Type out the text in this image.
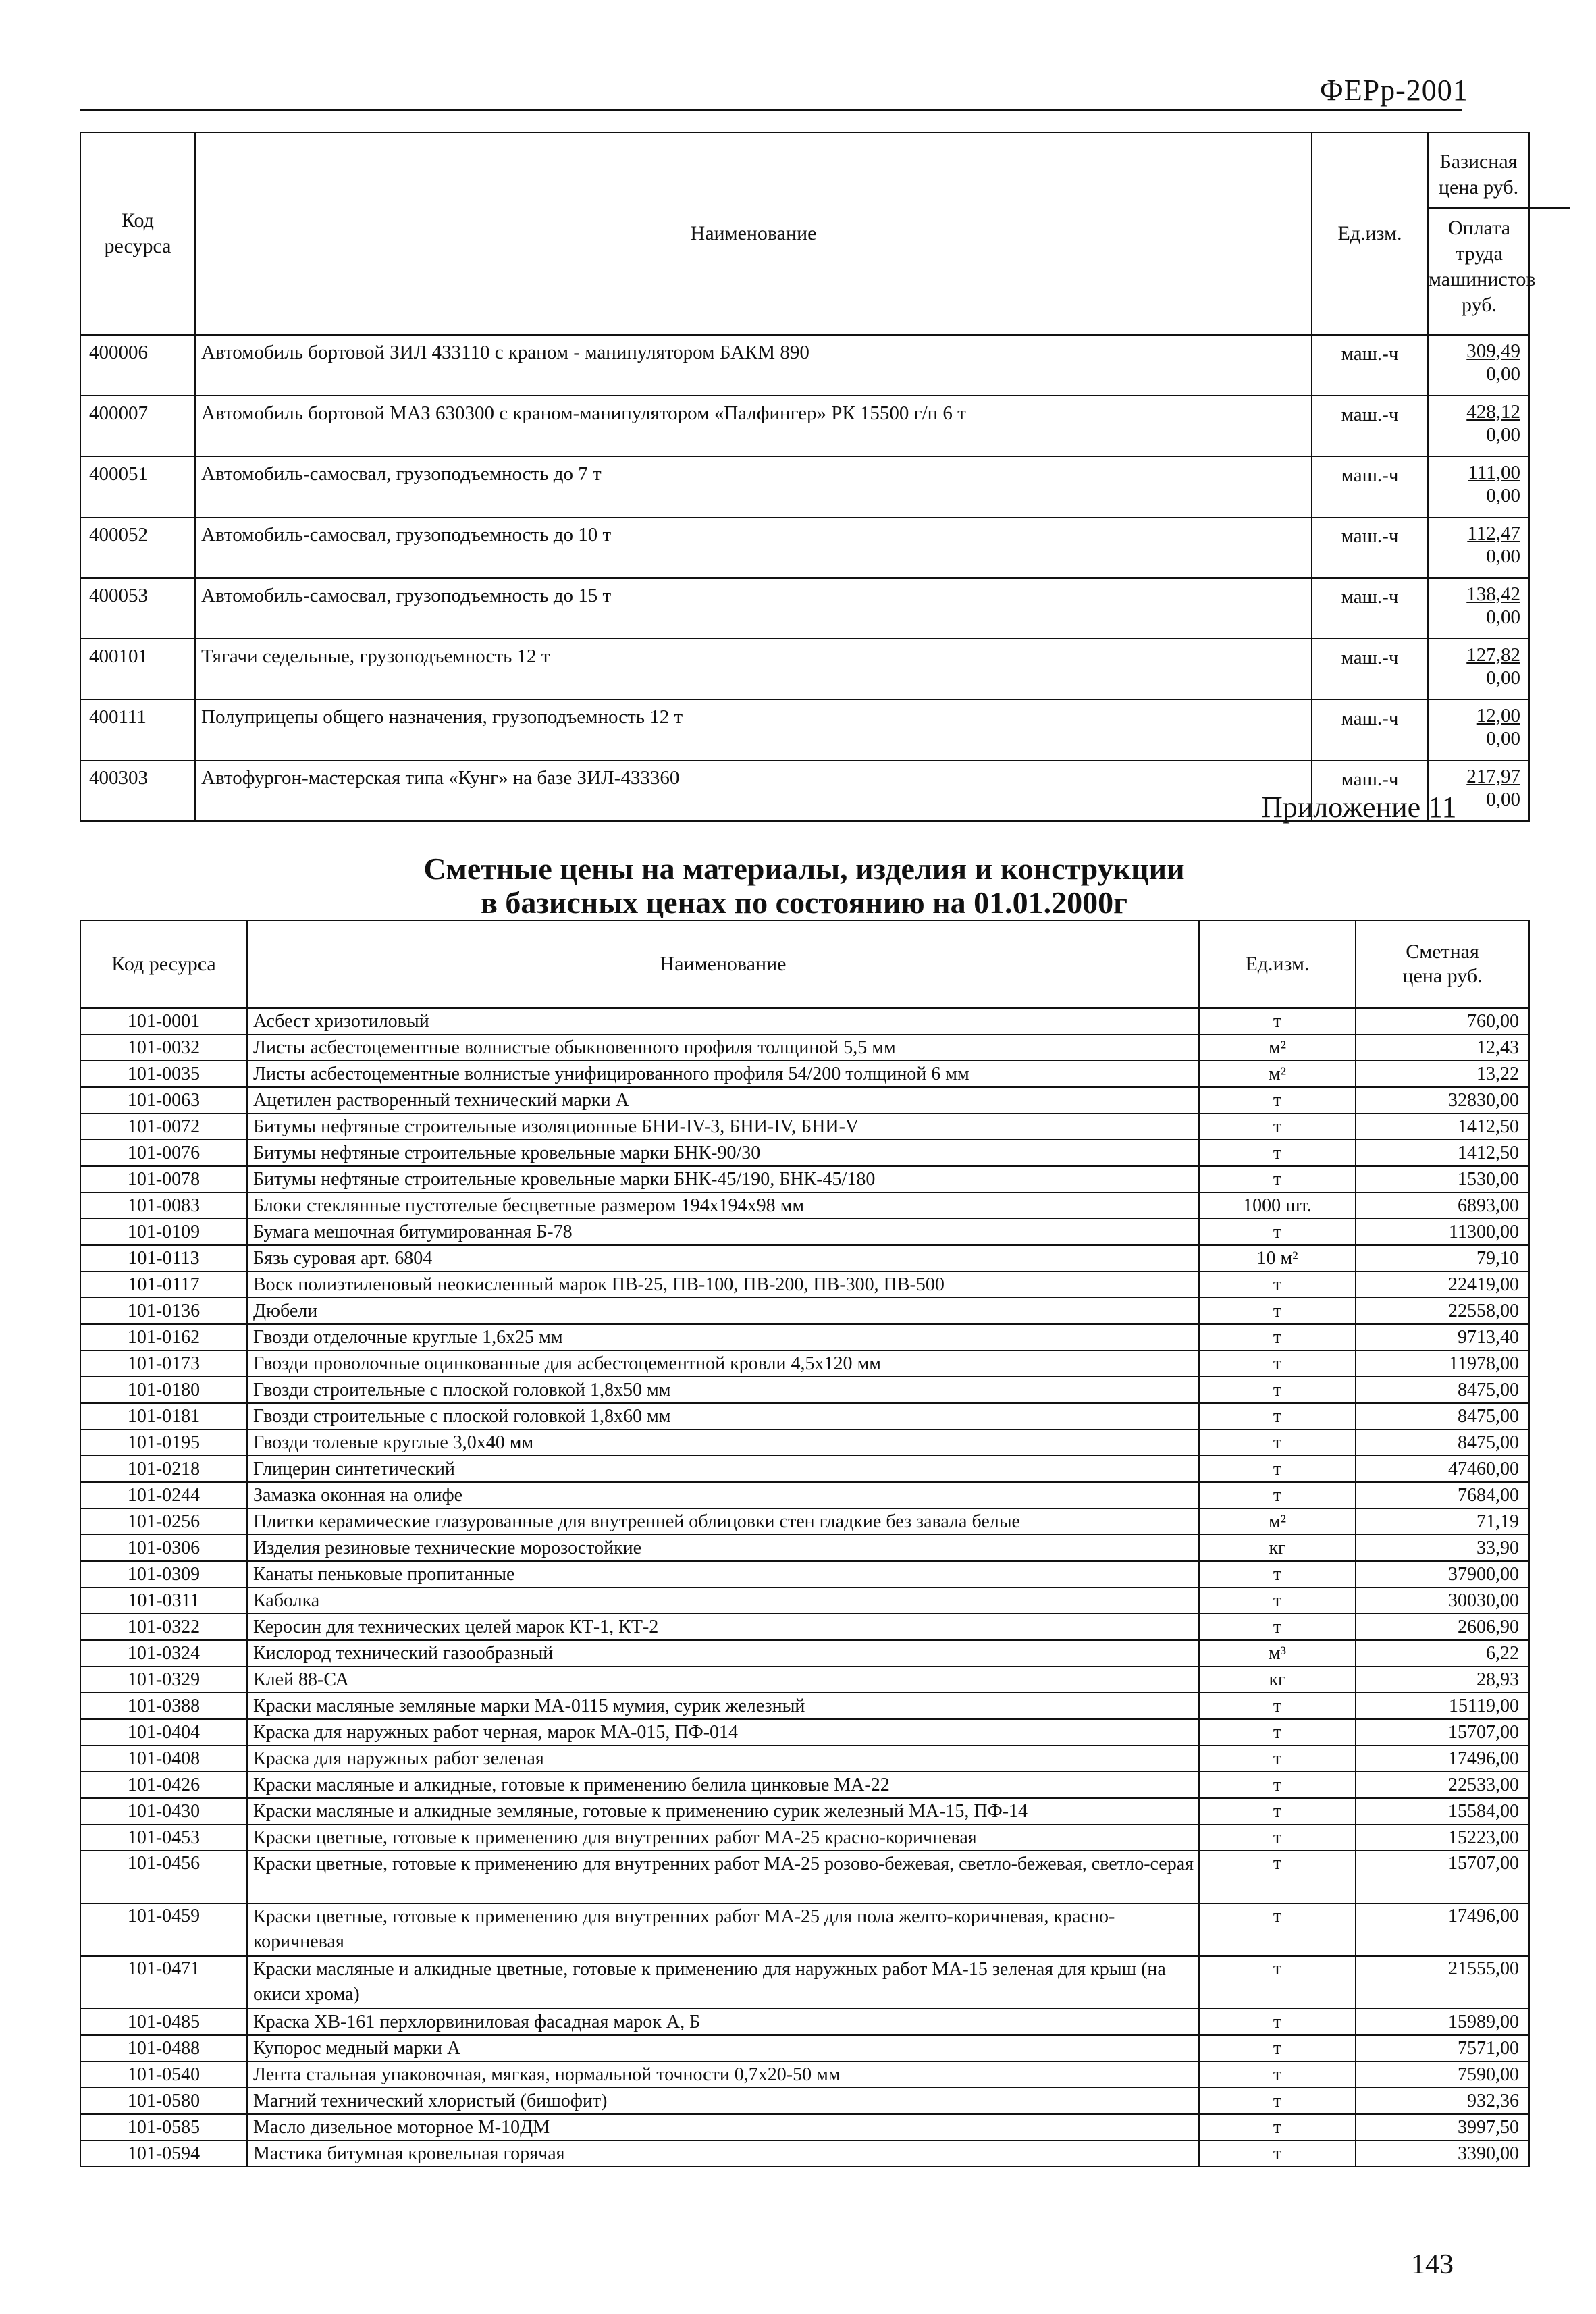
ФЕРр-2001
Код ресурса	Наименование	Ед.изм.	Базисная цена руб.
Оплата труда машинистов руб.

400006	Автомобиль бортовой ЗИЛ 433110 с краном - манипулятором БАКМ 890	маш.-ч	309,49
0,00

400007	Автомобиль бортовой МАЗ 630300 с краном-манипулятором «Палфингер» РК 15500 г/п 6 т	маш.-ч	428,12
0,00

400051	Автомобиль-самосвал, грузоподъемность до 7 т	маш.-ч	111,00
0,00

400052	Автомобиль-самосвал, грузоподъемность до 10 т	маш.-ч	112,47
0,00

400053	Автомобиль-самосвал, грузоподъемность до 15 т	маш.-ч	138,42
0,00

400101	Тягачи седельные, грузоподъемность 12 т	маш.-ч	127,82
0,00

400111	Полуприцепы общего назначения, грузоподъемность 12 т	маш.-ч	12,00
0,00

400303	Автофургон-мастерская типа «Кунг» на базе ЗИЛ-433360	маш.-ч	217,97
0,00
Приложение 11
Сметные цены на материалы, изделия и конструкции
в базисных ценах по состоянию на 01.01.2000г
Код ресурса	Наименование	Ед.изм.	Сметная цена руб.
101-0001	Асбест хризотиловый	т	760,00
101-0032	Листы асбестоцементные волнистые обыкновенного профиля толщиной 5,5 мм	м²	12,43
101-0035	Листы асбестоцементные волнистые унифицированного профиля 54/200 толщиной 6 мм	м²	13,22
101-0063	Ацетилен растворенный технический марки А	т	32830,00
101-0072	Битумы нефтяные строительные изоляционные БНИ-IV-3, БНИ-IV, БНИ-V	т	1412,50
101-0076	Битумы нефтяные строительные кровельные марки БНК-90/30	т	1412,50
101-0078	Битумы нефтяные строительные кровельные марки БНК-45/190, БНК-45/180	т	1530,00
101-0083	Блоки стеклянные пустотелые бесцветные размером 194х194х98 мм	1000 шт.	6893,00
101-0109	Бумага мешочная битумированная Б-78	т	11300,00
101-0113	Бязь суровая арт. 6804	10 м²	79,10
101-0117	Воск полиэтиленовый неокисленный марок ПВ-25, ПВ-100, ПВ-200, ПВ-300, ПВ-500	т	22419,00
101-0136	Дюбели	т	22558,00
101-0162	Гвозди отделочные круглые 1,6х25 мм	т	9713,40
101-0173	Гвозди проволочные оцинкованные для асбестоцементной кровли 4,5х120 мм	т	11978,00
101-0180	Гвозди строительные с плоской головкой 1,8х50 мм	т	8475,00
101-0181	Гвозди строительные с плоской головкой 1,8х60 мм	т	8475,00
101-0195	Гвозди толевые круглые 3,0х40 мм	т	8475,00
101-0218	Глицерин синтетический	т	47460,00
101-0244	Замазка оконная на олифе	т	7684,00
101-0256	Плитки керамические глазурованные для внутренней облицовки стен гладкие без завала белые	м²	71,19
101-0306	Изделия резиновые технические морозостойкие	кг	33,90
101-0309	Канаты пеньковые пропитанные	т	37900,00
101-0311	Каболка	т	30030,00
101-0322	Керосин для технических целей марок КТ-1, КТ-2	т	2606,90
101-0324	Кислород технический газообразный	м³	6,22
101-0329	Клей 88-СА	кг	28,93
101-0388	Краски масляные земляные марки МА-0115 мумия, сурик железный	т	15119,00
101-0404	Краска для наружных работ черная, марок МА-015, ПФ-014	т	15707,00
101-0408	Краска для наружных работ зеленая	т	17496,00
101-0426	Краски масляные и алкидные, готовые к применению белила цинковые МА-22	т	22533,00
101-0430	Краски масляные и алкидные земляные, готовые к применению сурик железный МА-15, ПФ-14	т	15584,00
101-0453	Краски цветные, готовые к применению для внутренних работ МА-25 красно-коричневая	т	15223,00
101-0456	Краски цветные, готовые к применению для внутренних работ МА-25 розово-бежевая, светло-бежевая, светло-серая	т	15707,00
101-0459	Краски цветные, готовые к применению для внутренних работ МА-25 для пола желто-коричневая, красно-коричневая	т	17496,00
101-0471	Краски масляные и алкидные цветные, готовые к применению для наружных работ МА-15 зеленая для крыш (на окиси хрома)	т	21555,00
101-0485	Краска ХВ-161 перхлорвиниловая фасадная марок А, Б	т	15989,00
101-0488	Купорос медный марки А	т	7571,00
101-0540	Лента стальная упаковочная, мягкая, нормальной точности 0,7х20-50 мм	т	7590,00
101-0580	Магний технический хлористый (бишофит)	т	932,36
101-0585	Масло дизельное моторное М-10ДМ	т	3997,50
101-0594	Мастика битумная кровельная горячая	т	3390,00
143
